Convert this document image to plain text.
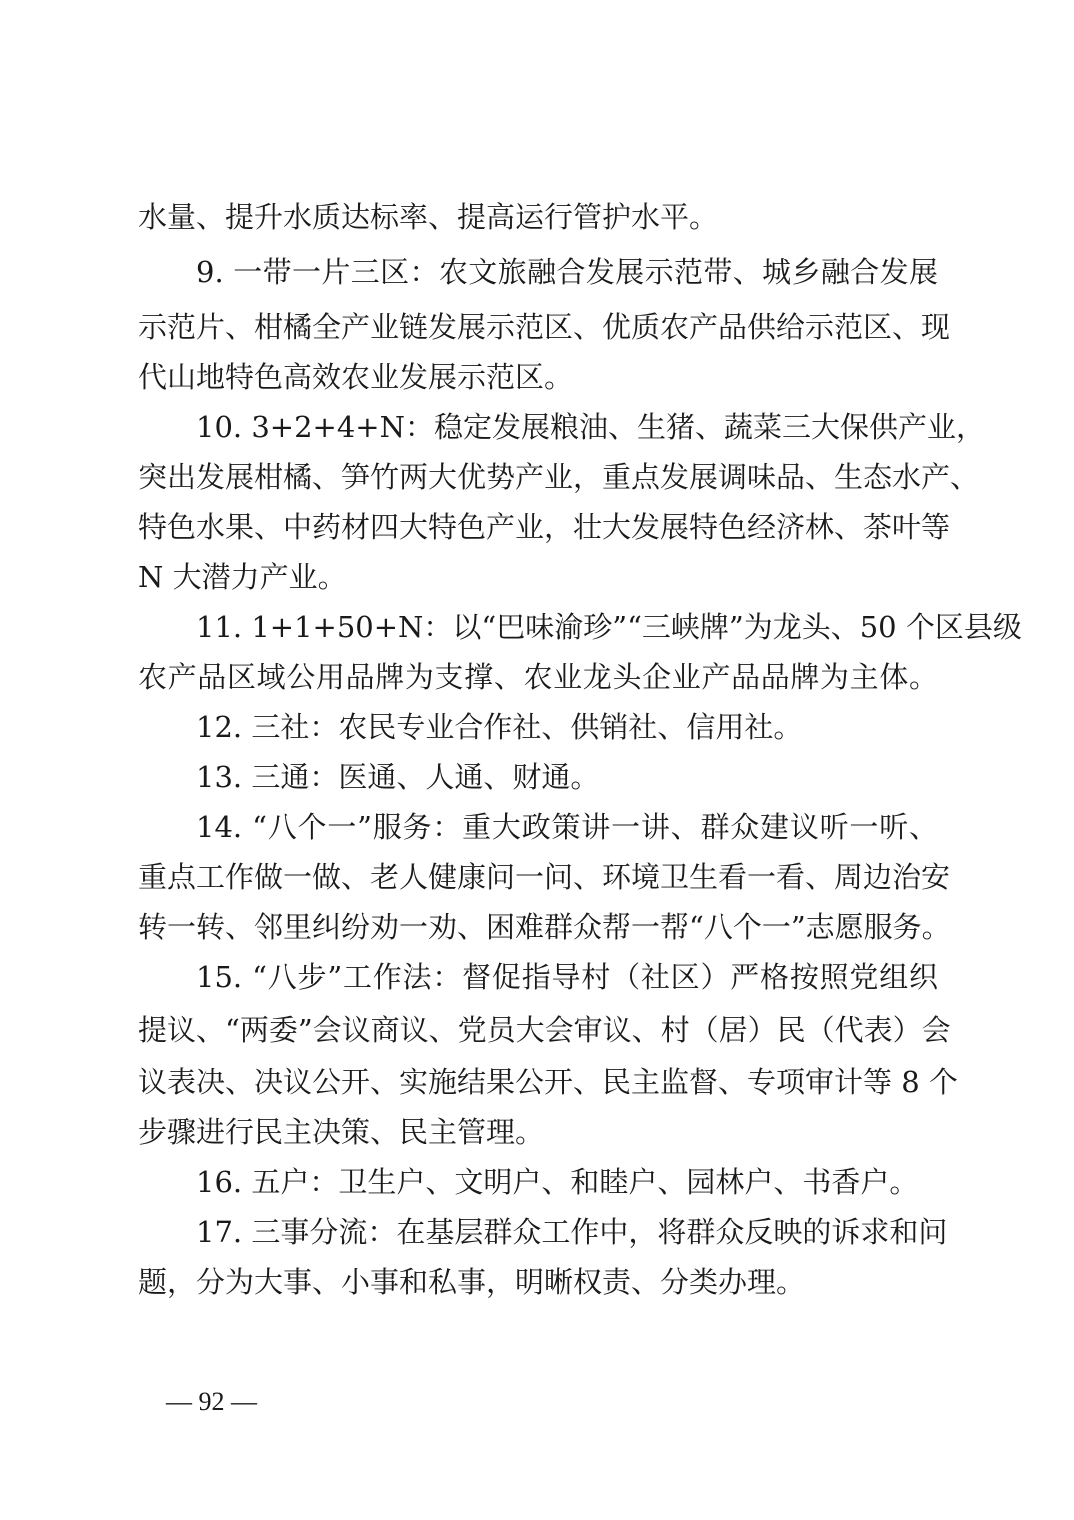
水量、提升水质达标率、提高运行管护水平。
9. 一带一片三区：农文旅融合发展示范带、城乡融合发展
示范片、柑橘全产业链发展示范区、优质农产品供给示范区、现
代山地特色高效农业发展示范区。
10. 3+2+4+N：稳定发展粮油、生猪、蔬菜三大保供产业，
突出发展柑橘、笋竹两大优势产业，重点发展调味品、生态水产、
特色水果、中药材四大特色产业，壮大发展特色经济林、茶叶等
N 大潜力产业。
11. 1+1+50+N：以“巴味渝珍”“三峡牌”为龙头、50 个区县级
农产品区域公用品牌为支撑、农业龙头企业产品品牌为主体。
12. 三社：农民专业合作社、供销社、信用社。
13. 三通：医通、人通、财通。
14. “八个一”服务：重大政策讲一讲、群众建议听一听、
重点工作做一做、老人健康问一问、环境卫生看一看、周边治安
转一转、邻里纠纷劝一劝、困难群众帮一帮“八个一”志愿服务。
15. “八步”工作法：督促指导村（社区）严格按照党组织
提议、“两委”会议商议、党员大会审议、村（居）民（代表）会
议表决、决议公开、实施结果公开、民主监督、专项审计等 8 个
步骤进行民主决策、民主管理。
16. 五户：卫生户、文明户、和睦户、园林户、书香户。
17. 三事分流：在基层群众工作中，将群众反映的诉求和问
题，分为大事、小事和私事，明晰权责、分类办理。
— 92 —
